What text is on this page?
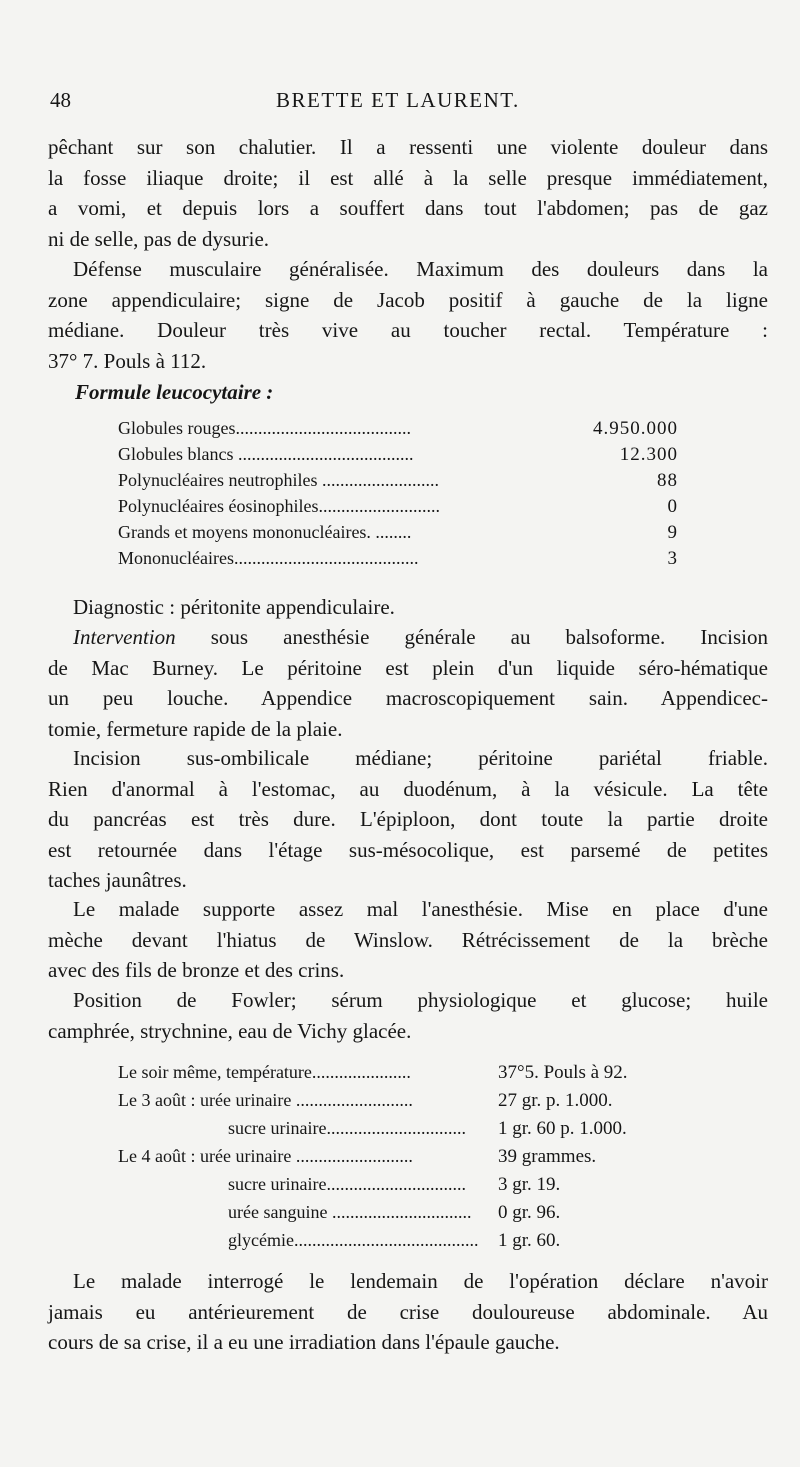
48	BRETTE ET LAURENT.
pêchant sur son chalutier. Il a ressenti une violente douleur dans
la fosse iliaque droite; il est allé à la selle presque immédiatement,
a vomi, et depuis lors a souffert dans tout l'abdomen; pas de gaz
ni de selle, pas de dysurie.
Défense musculaire généralisée. Maximum des douleurs dans la
zone appendiculaire; signe de Jacob positif à gauche de la ligne
médiane. Douleur très vive au toucher rectal. Température :
37° 7. Pouls à 112.
Formule leucocytaire :
Globules rouges.......................................	4.950.000
Globules blancs .......................................	12.300
Polynucléaires neutrophiles ..........................	88
Polynucléaires éosinophiles...........................	0
Grands et moyens mononucléaires. ........	9
Mononucléaires.........................................	3
Diagnostic : péritonite appendiculaire.
Intervention sous anesthésie générale au balsoforme. Incision
de Mac Burney. Le péritoine est plein d'un liquide séro-hématique
un peu louche. Appendice macroscopiquement sain. Appendicec-
tomie, fermeture rapide de la plaie.
Incision sus-ombilicale médiane; péritoine pariétal friable.
Rien d'anormal à l'estomac, au duodénum, à la vésicule. La tête
du pancréas est très dure. L'épiploon, dont toute la partie droite
est retournée dans l'étage sus-mésocolique, est parsemé de petites
taches jaunâtres.
Le malade supporte assez mal l'anesthésie. Mise en place d'une
mèche devant l'hiatus de Winslow. Rétrécissement de la brèche
avec des fils de bronze et des crins.
Position de Fowler; sérum physiologique et glucose; huile
camphrée, strychnine, eau de Vichy glacée.
Le soir même, température......................	37°5. Pouls à 92.
Le 3 août : urée urinaire ..........................	27 gr. p. 1.000.
sucre urinaire...............................	1 gr. 60 p. 1.000.
Le 4 août : urée urinaire ..........................	39 grammes.
sucre urinaire...............................	3 gr. 19.
urée sanguine ...............................	0 gr. 96.
glycémie......................................... 1 gr. 60.
Le malade interrogé le lendemain de l'opération déclare n'avoir
jamais eu antérieurement de crise douloureuse abdominale. Au
cours de sa crise, il a eu une irradiation dans l'épaule gauche.
